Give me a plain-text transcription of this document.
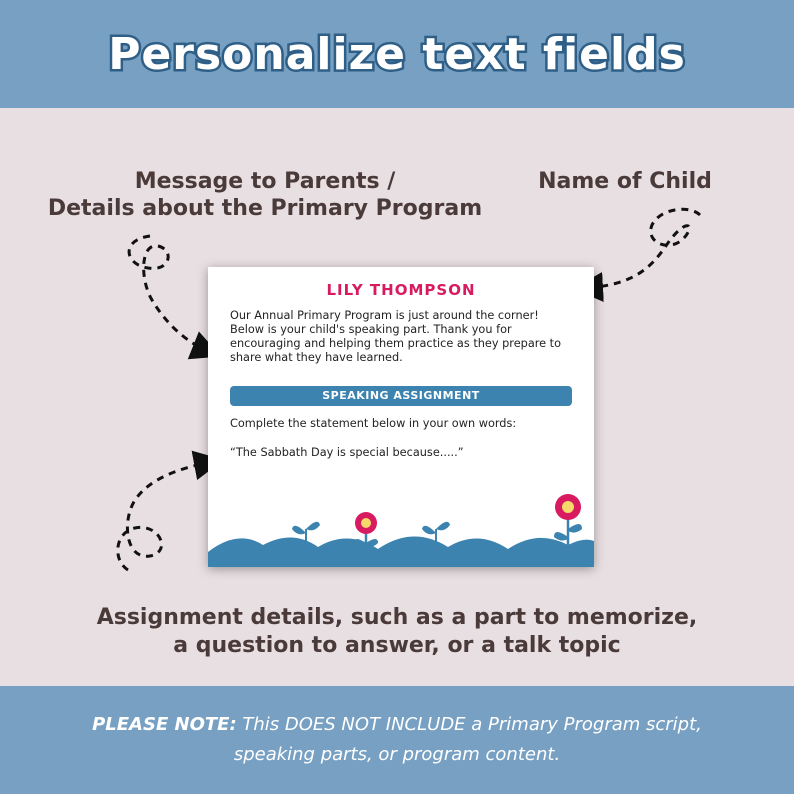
Personalize text fields
Message to Parents /
Details about the Primary Program
Name of Child
LILY THOMPSON
Our Annual Primary Program is just around the corner! Below is your child's speaking part. Thank you for encouraging and helping them practice as they prepare to share what they have learned.
SPEAKING ASSIGNMENT
Complete the statement below in your own words:
“The Sabbath Day is special because.....”
Assignment details, such as a part to memorize,
a question to answer, or a talk topic

PLEASE NOTE: This DOES NOT INCLUDE a Primary Program script,
speaking parts, or program content.
